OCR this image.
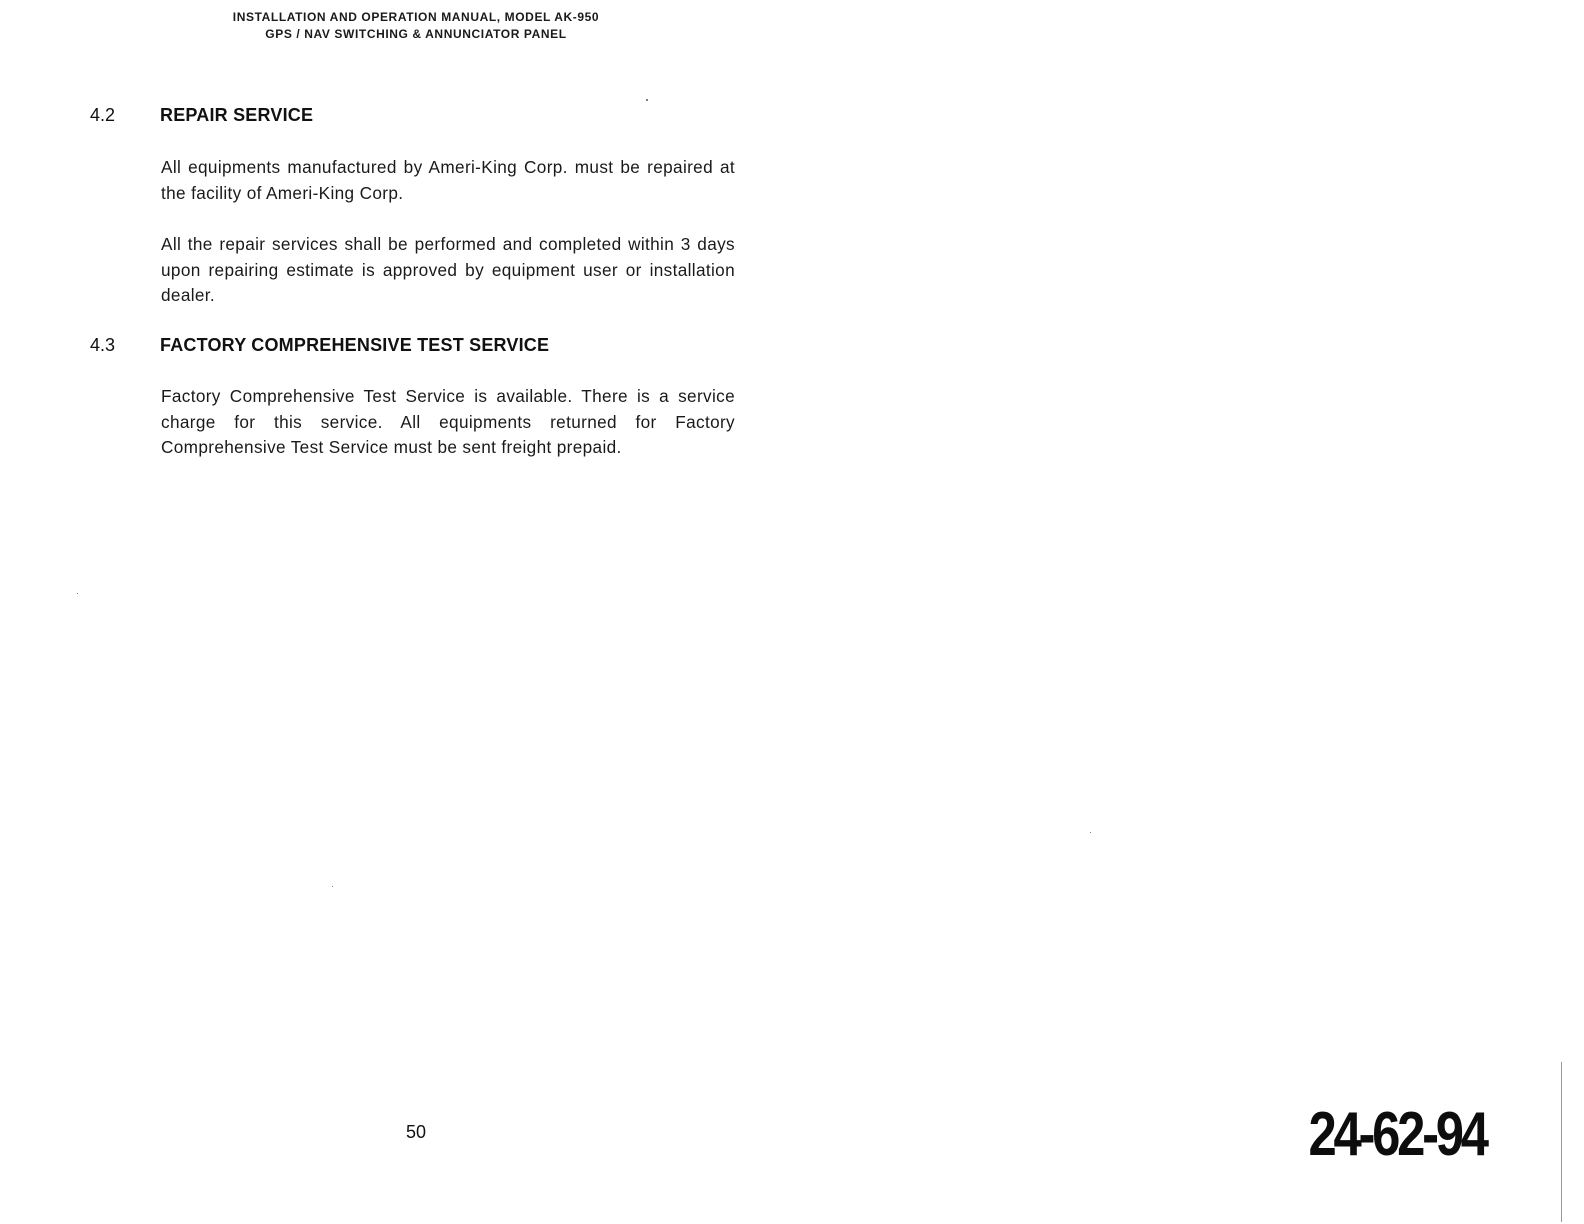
INSTALLATION AND OPERATION MANUAL, MODEL AK-950
GPS / NAV SWITCHING & ANNUNCIATOR PANEL
4.2 REPAIR SERVICE

All equipments manufactured by Ameri-King Corp. must be repaired at the facility of Ameri-King Corp.

All the repair services shall be performed and completed within 3 days upon repairing estimate is approved by equipment user or installation dealer.

4.3 FACTORY COMPREHENSIVE TEST SERVICE

Factory Comprehensive Test Service is available. There is a service charge for this service. All equipments returned for Factory Comprehensive Test Service must be sent freight prepaid.

50	24-62-94
